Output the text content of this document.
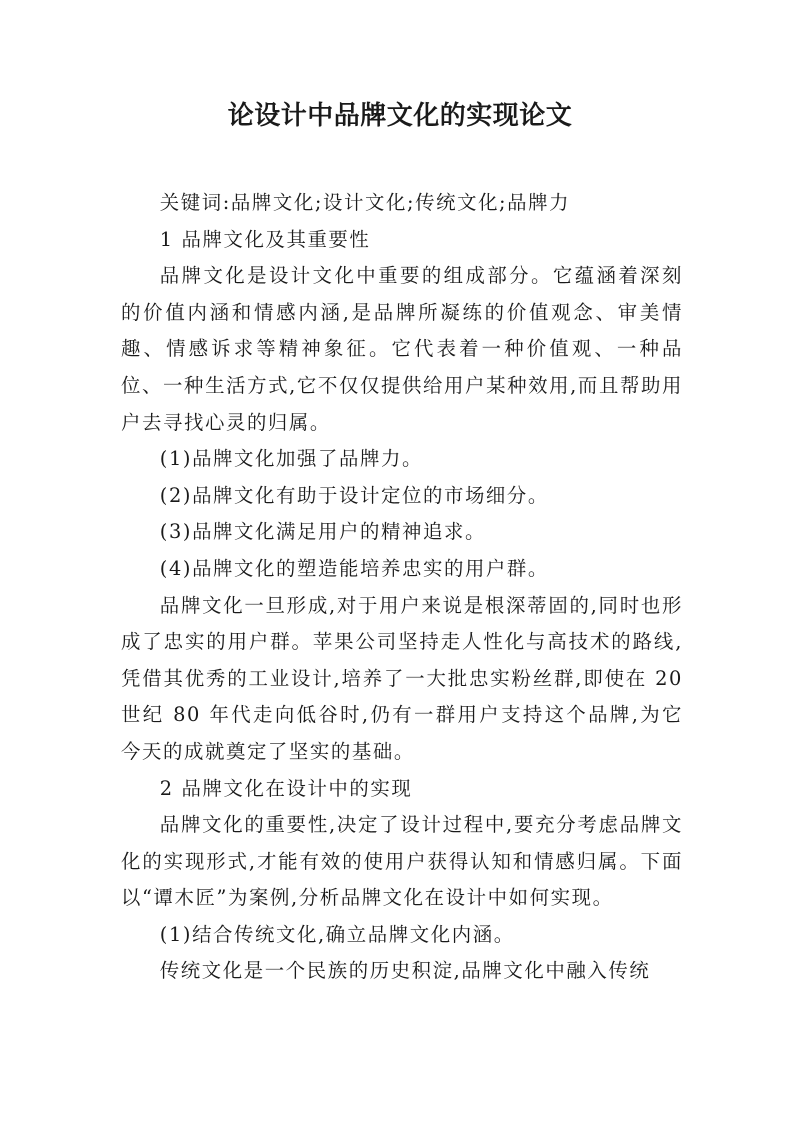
论设计中品牌文化的实现论文

关键词:品牌文化;设计文化;传统文化;品牌力

1 品牌文化及其重要性

品牌文化是设计文化中重要的组成部分。它蕴涵着深刻的价值内涵和情感内涵,是品牌所凝练的价值观念、审美情趣、情感诉求等精神象征。它代表着一种价值观、一种品位、一种生活方式,它不仅仅提供给用户某种效用,而且帮助用户去寻找心灵的归属。

(1)品牌文化加强了品牌力。

(2)品牌文化有助于设计定位的市场细分。

(3)品牌文化满足用户的精神追求。

(4)品牌文化的塑造能培养忠实的用户群。

品牌文化一旦形成,对于用户来说是根深蒂固的,同时也形成了忠实的用户群。苹果公司坚持走人性化与高技术的路线,凭借其优秀的工业设计,培养了一大批忠实粉丝群,即使在 20 世纪 80 年代走向低谷时,仍有一群用户支持这个品牌,为它今天的成就奠定了坚实的基础。

2 品牌文化在设计中的实现

品牌文化的重要性,决定了设计过程中,要充分考虑品牌文化的实现形式,才能有效的使用户获得认知和情感归属。下面以“谭木匠”为案例,分析品牌文化在设计中如何实现。

(1)结合传统文化,确立品牌文化内涵。

传统文化是一个民族的历史积淀,品牌文化中融入传统
